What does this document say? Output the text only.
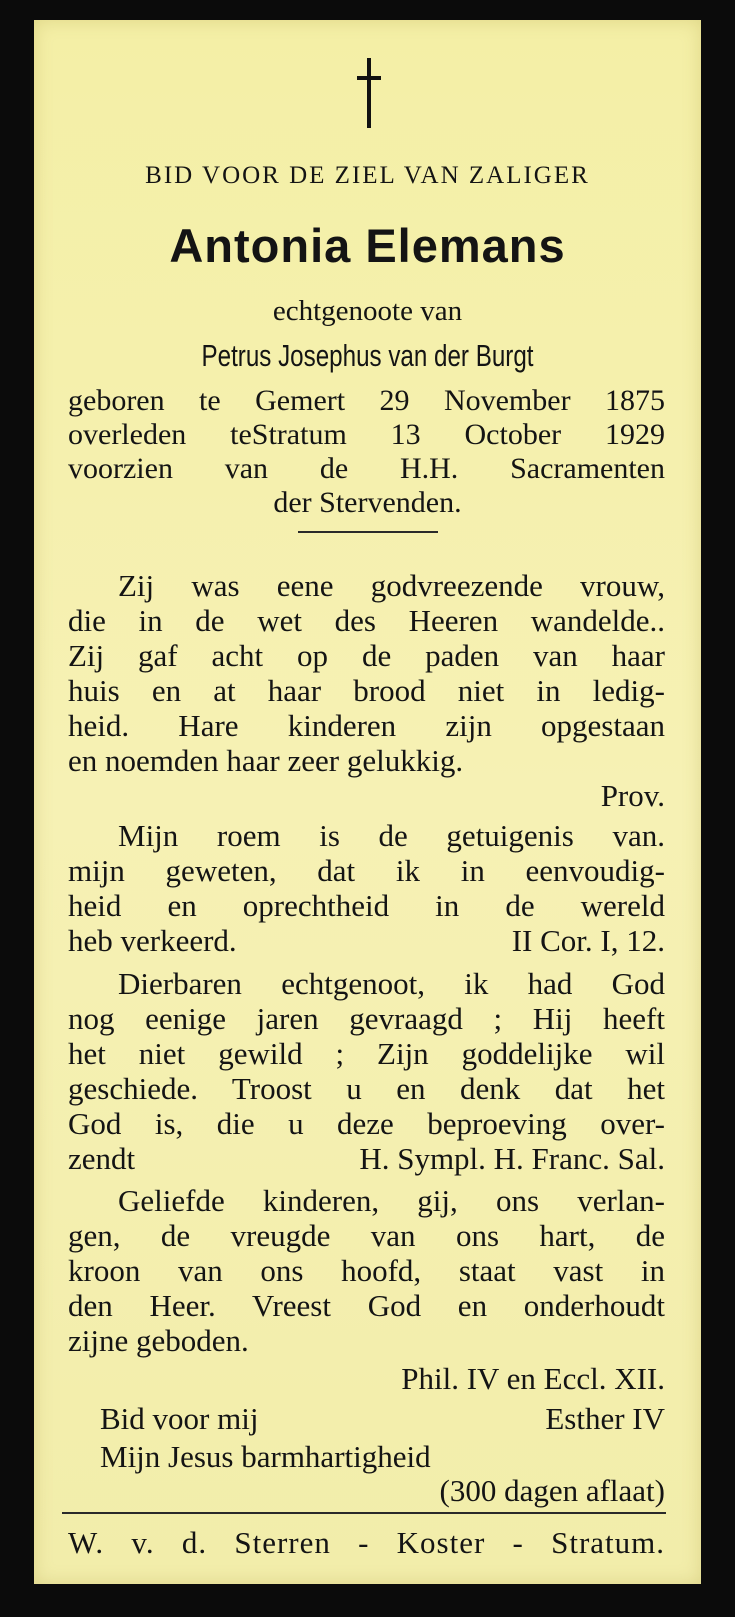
BID VOOR DE ZIEL VAN ZALIGER
Antonia Elemans
echtgenoote van
Petrus Josephus van der Burgt
geboren te Gemert 29 November 1875
overleden teStratum 13 October 1929
voorzien van de H.H. Sacramenten
der Stervenden.
Zij was eene godvreezende vrouw,
die in de wet des Heeren wandelde..
Zij gaf acht op de paden van haar
huis en at haar brood niet in ledig-
heid. Hare kinderen zijn opgestaan
en noemden haar zeer gelukkig.
Prov.
Mijn roem is de getuigenis van.
mijn geweten, dat ik in eenvoudig-
heid en oprechtheid in de wereld
heb verkeerd.	II Cor. I, 12.
Dierbaren echtgenoot, ik had God
nog eenige jaren gevraagd ; Hij heeft
het niet gewild ; Zijn goddelijke wil
geschiede. Troost u en denk dat het
God is, die u deze beproeving over-
zendt	H. Sympl. H. Franc. Sal.
Geliefde kinderen, gij, ons verlan-
gen, de vreugde van ons hart, de
kroon van ons hoofd, staat vast in
den Heer. Vreest God en onderhoudt
zijne geboden.
Phil. IV en Eccl. XII.
Bid voor mij	Esther IV
Mijn Jesus barmhartigheid
(300 dagen aflaat)
W. v. d. Sterren - Koster - Stratum.
